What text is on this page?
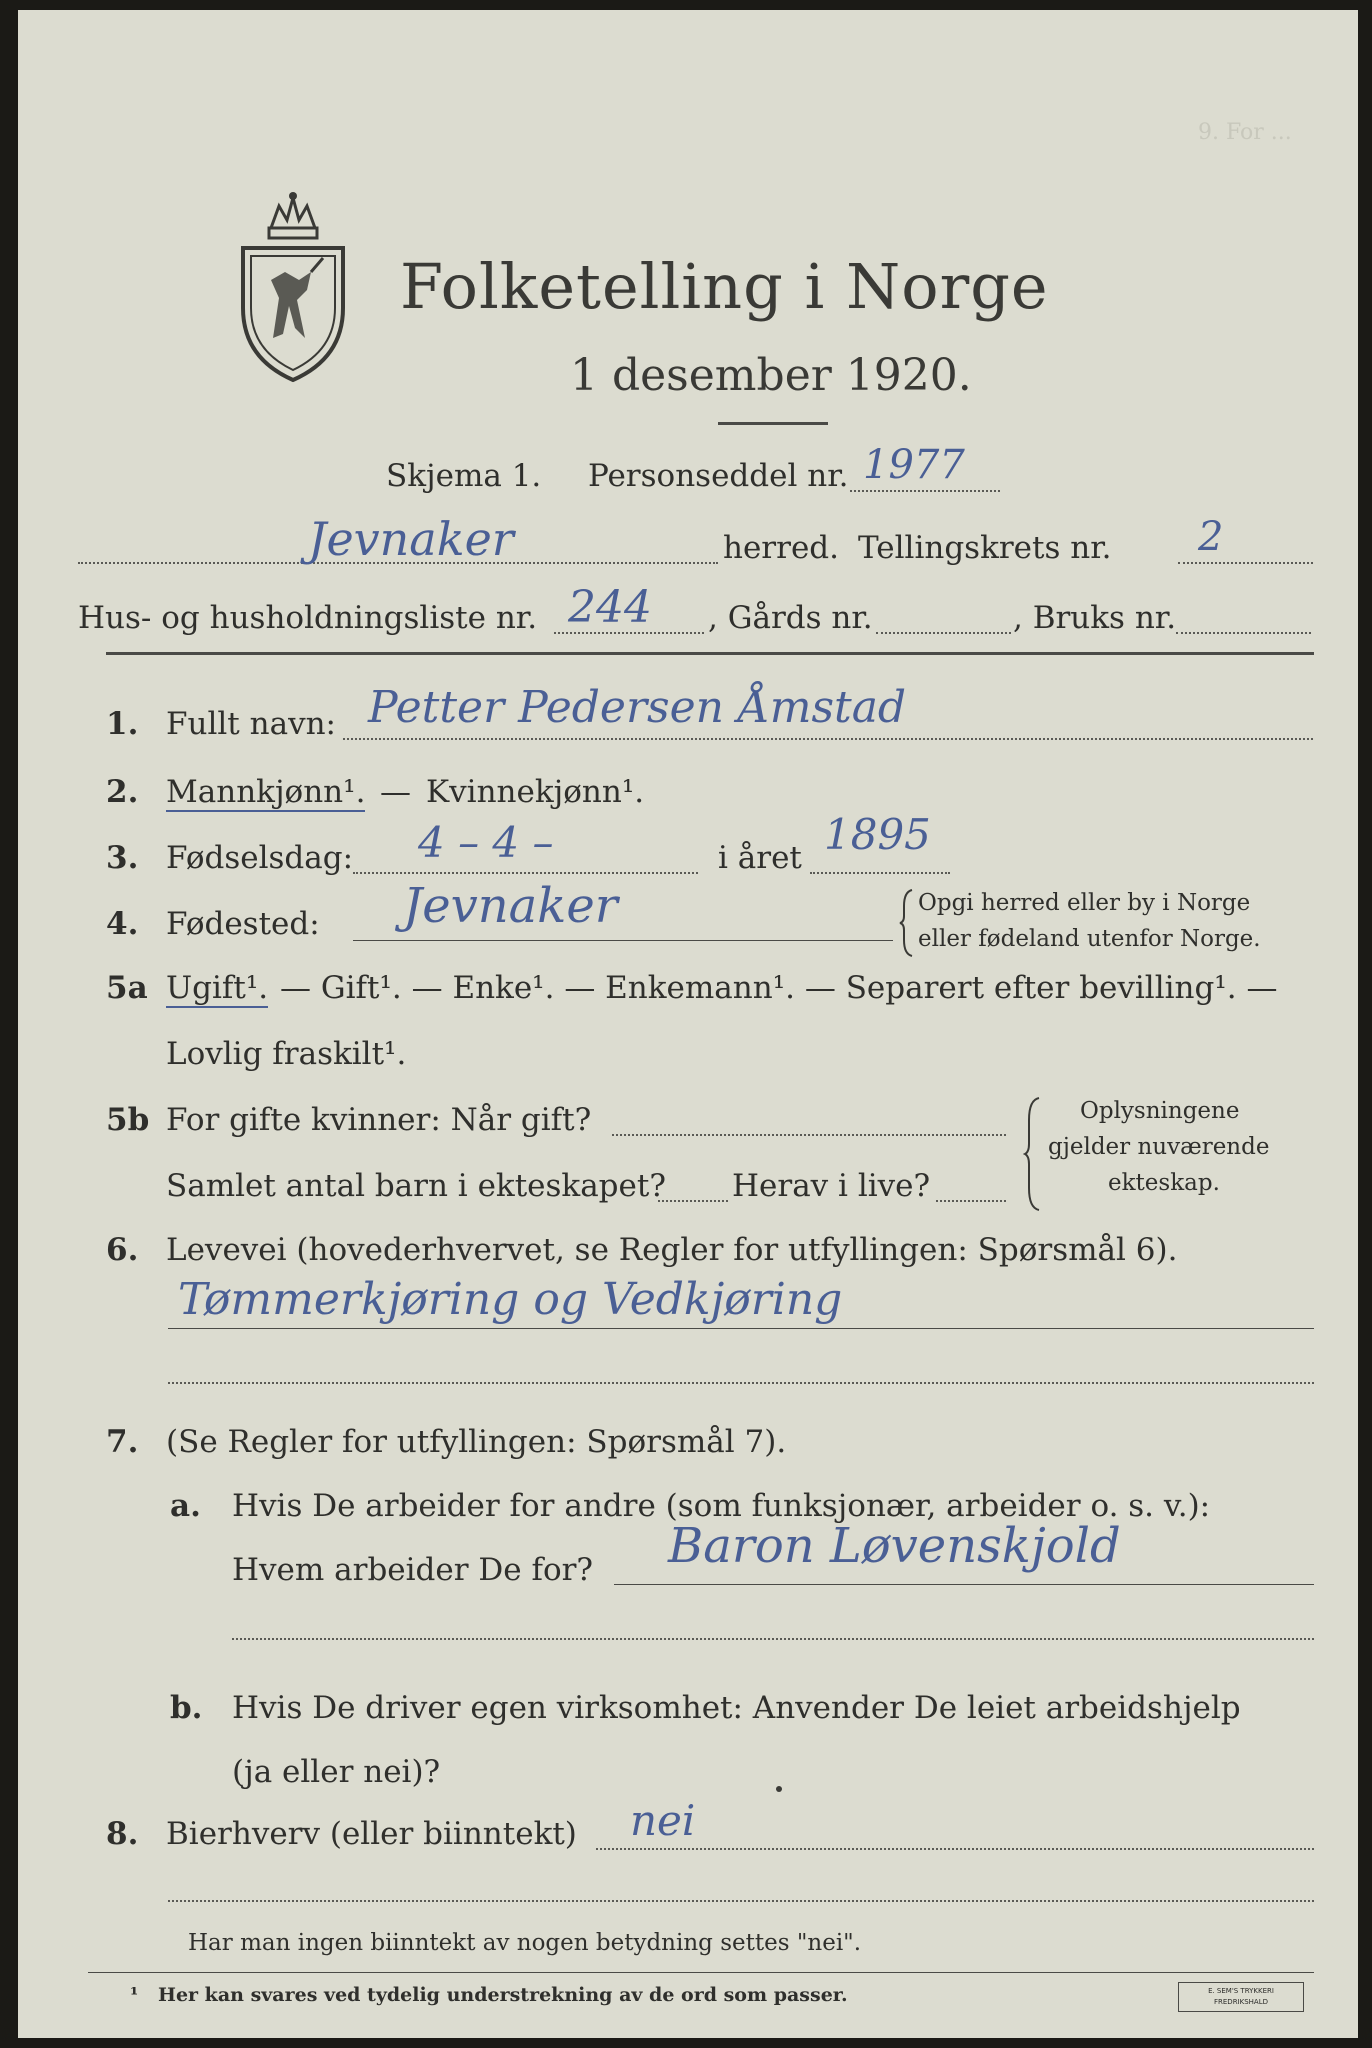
9. For ...
Folketelling i Norge
1 desember 1920.
Skjema 1. Personseddel nr. 1977
Jevnaker	herred. Tellingskrets nr. 2
Hus- og husholdningsliste nr. 244 , Gårds nr.	, Bruks nr.
1. Fullt navn: Petter Pedersen Åmstad
2. Mannkjønn¹. — Kvinnekjønn¹.
3. Fødselsdag: 4 – 4 –	i året 1895
4. Fødested: Jevnaker	Opgi herred eller by i Norge
eller fødeland utenfor Norge.
5a Ugift¹. — Gift¹. — Enke¹. — Enkemann¹. — Separert efter bevilling¹. —
Lovlig fraskilt¹.
5b For gifte kvinner: Når gift?
Samlet antal barn i ekteskapet? Herav i live?
Oplysningene
gjelder nuværende
ekteskap.
6. Levevei (hovederhvervet, se Regler for utfyllingen: Spørsmål 6).
Tømmerkjøring og Vedkjøring
7. (Se Regler for utfyllingen: Spørsmål 7).
a. Hvis De arbeider for andre (som funksjonær, arbeider o. s. v.):
Hvem arbeider De for? Baron Løvenskjold
b. Hvis De driver egen virksomhet: Anvender De leiet arbeidshjelp
(ja eller nei)?
8. Bierhverv (eller biinntekt) nei
Har man ingen biinntekt av nogen betydning settes "nei".
¹ Her kan svares ved tydelig understrekning av de ord som passer.	E. SEM'S TRYKKERI
FREDRIKSHALD
